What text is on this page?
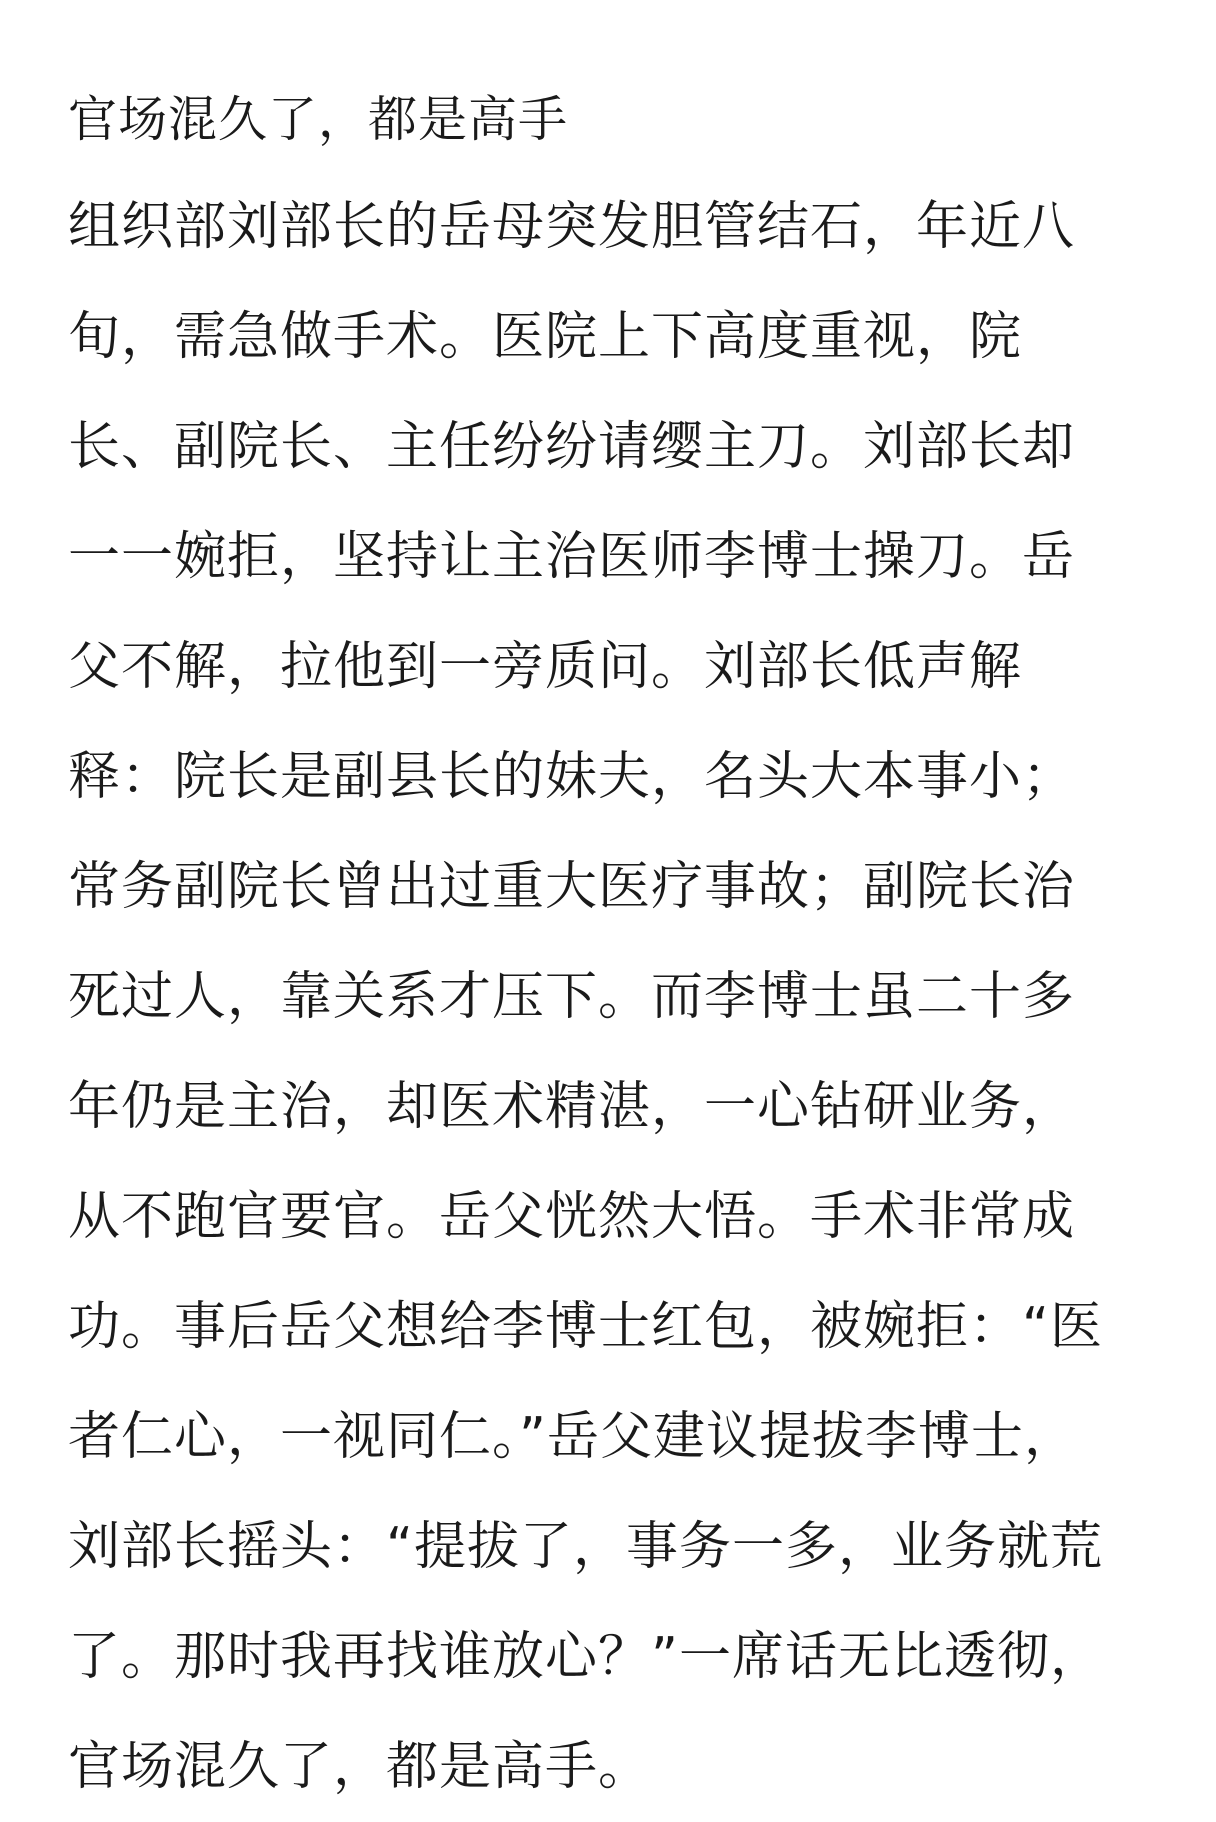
官场混久了，都是高手
组织部刘部长的岳母突发胆管结石，年近八
旬，需急做手术。医院上下高度重视，院
长、副院长、主任纷纷请缨主刀。刘部长却
一一婉拒，坚持让主治医师李博士操刀。岳
父不解，拉他到一旁质问。刘部长低声解
释：院长是副县长的妹夫，名头大本事小；
常务副院长曾出过重大医疗事故；副院长治
死过人，靠关系才压下。而李博士虽二十多
年仍是主治，却医术精湛，一心钻研业务，
从不跑官要官。岳父恍然大悟。手术非常成
功。事后岳父想给李博士红包，被婉拒：“医
者仁心，一视同仁。”岳父建议提拔李博士，
刘部长摇头：“提拔了，事务一多，业务就荒
了。那时我再找谁放心？”一席话无比透彻，
官场混久了，都是高手。
